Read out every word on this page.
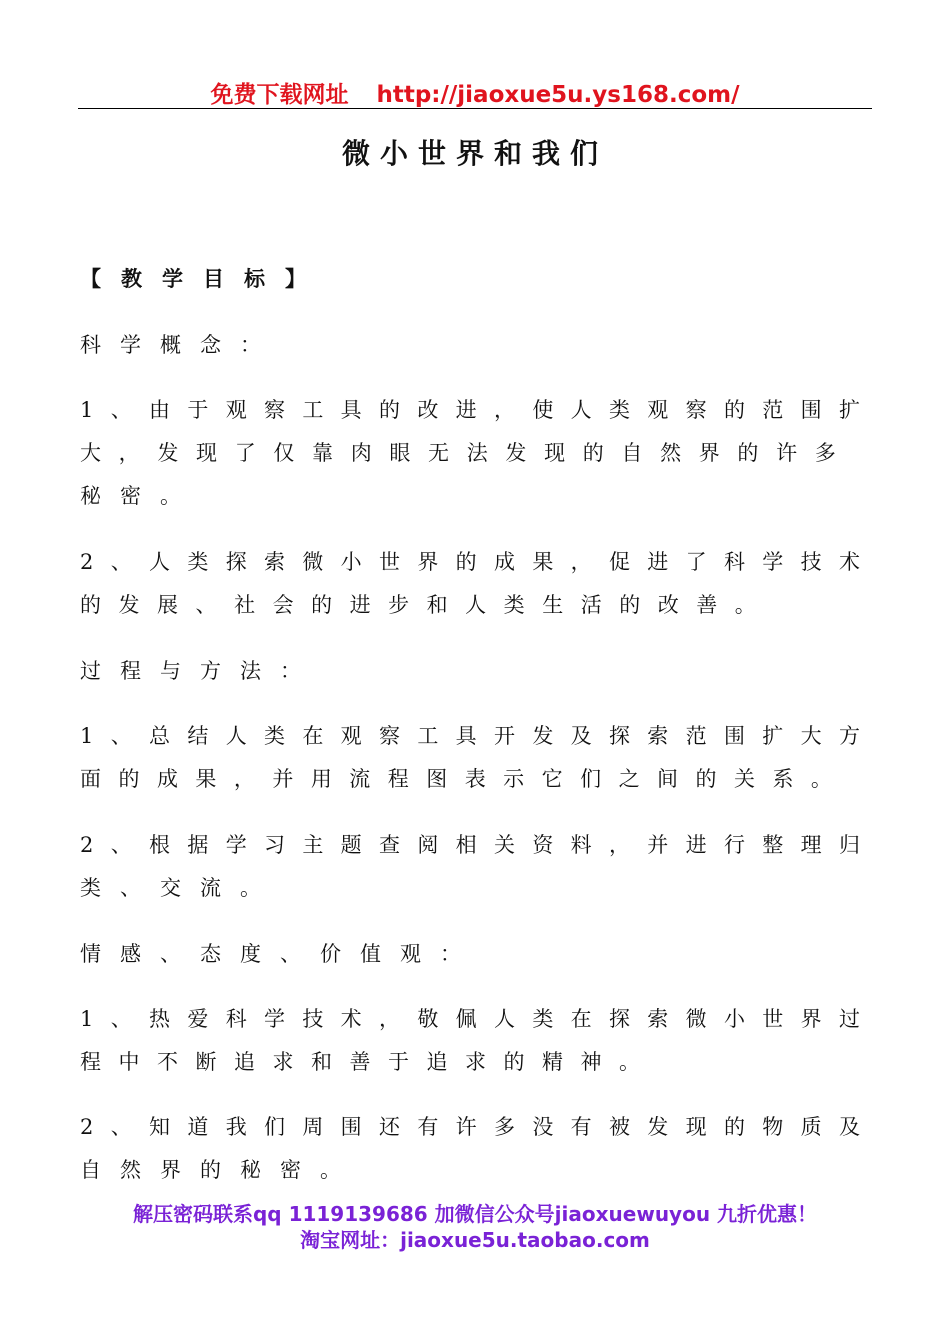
免费下载网址 http://jiaoxue5u.ys168.com/
微小世界和我们
【教学目标】
科学概念：
1 、 由 于 观 察 工 具 的 改 进 ， 使 人 类 观 察 的 范 围 扩
大 ， 发 现 了 仅 靠 肉 眼 无 法 发 现 的 自 然 界 的 许 多
秘密。
2 、 人 类 探 索 微 小 世 界 的 成 果 ， 促 进 了 科 学 技 术
的 发 展 、 社 会 的 进 步 和 人 类 生 活 的 改 善 。
过程与方法：
1 、 总 结 人 类 在 观 察 工 具 开 发 及 探 索 范 围 扩 大 方
面 的 成 果 ， 并 用 流 程 图 表 示 它 们 之 间 的 关 系 。
2 、 根 据 学 习 主 题 查 阅 相 关 资 料 ， 并 进 行 整 理 归
类、交流。
情感、态度、价值观：
1 、 热 爱 科 学 技 术 ， 敬 佩 人 类 在 探 索 微 小 世 界 过
程 中 不 断 追 求 和 善 于 追 求 的 精 神 。
2 、 知 道 我 们 周 围 还 有 许 多 没 有 被 发 现 的 物 质 及
自然界的秘密。
解压密码联系qq 1119139686 加微信公众号jiaoxuewuyou 九折优惠！
淘宝网址：jiaoxue5u.taobao.com
